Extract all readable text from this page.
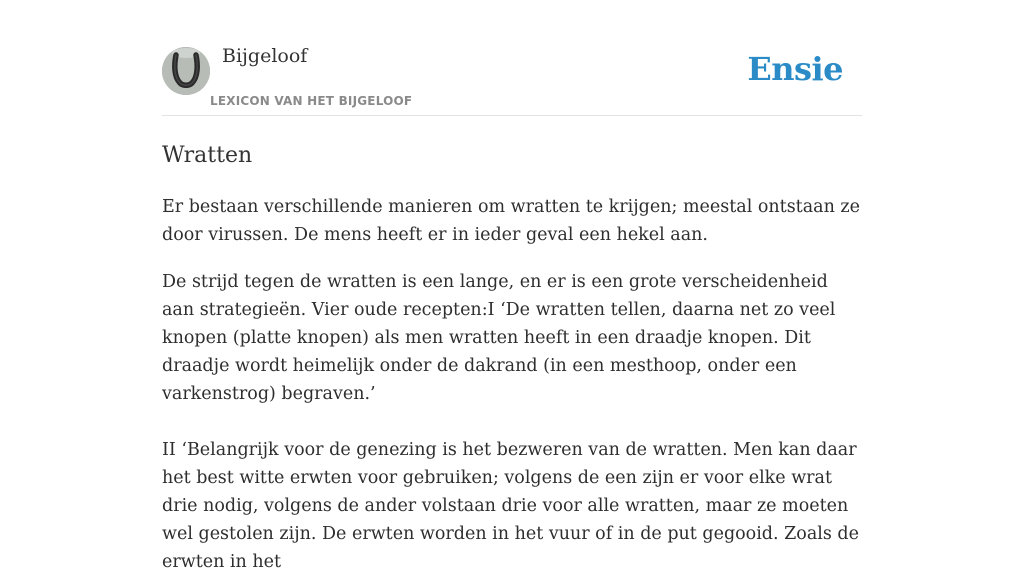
Bijgeloof
LEXICON VAN HET BIJGELOOF
Ensie
Wratten

Er bestaan verschillende manieren om wratten te krijgen; meestal ontstaan ze door virussen. De mens heeft er in ieder geval een hekel aan.

De strijd tegen de wratten is een lange, en er is een grote verscheidenheid aan strategieën. Vier oude recepten:I ‘De wratten tellen, daarna net zo veel knopen (platte knopen) als men wratten heeft in een draadje knopen. Dit draadje wordt heimelijk onder de dakrand (in een mesthoop, onder een varkenstrog) begraven.’

II ‘Belangrijk voor de genezing is het bezweren van de wratten. Men kan daar het best witte erwten voor gebruiken; volgens de een zijn er voor elke wrat drie nodig, volgens de ander volstaan drie voor alle wratten, maar ze moeten wel gestolen zijn. De erwten worden in het vuur of in de put gegooid. Zoals de erwten in het
